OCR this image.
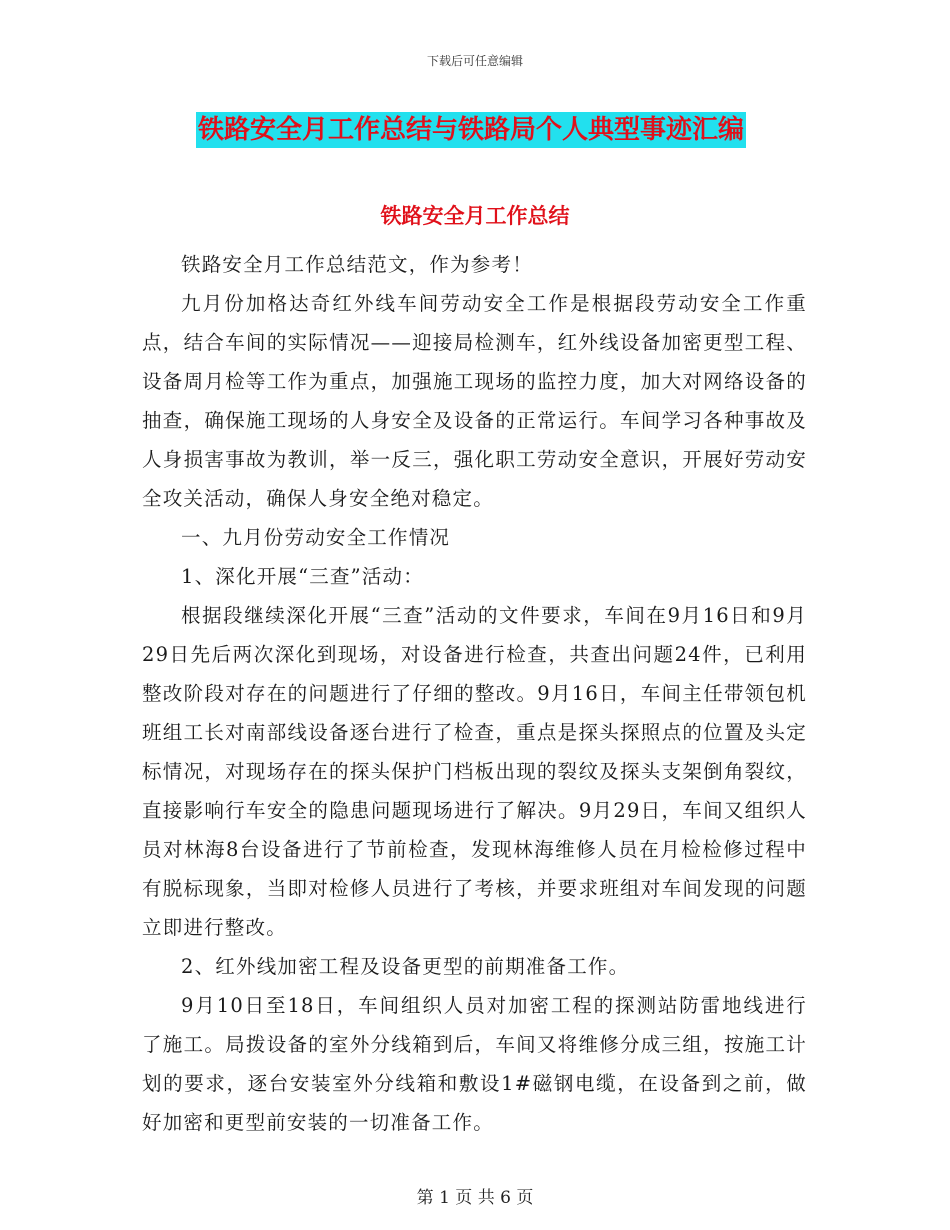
下载后可任意编辑
铁路安全月工作总结与铁路局个人典型事迹汇编
铁路安全月工作总结

铁路安全月工作总结范文，作为参考！

九月份加格达奇红外线车间劳动安全工作是根据段劳动安全工作重点，结合车间的实际情况——迎接局检测车，红外线设备加密更型工程、设备周月检等工作为重点，加强施工现场的监控力度，加大对网络设备的抽查，确保施工现场的人身安全及设备的正常运行。车间学习各种事故及人身损害事故为教训，举一反三，强化职工劳动安全意识，开展好劳动安全攻关活动，确保人身安全绝对稳定。

一、九月份劳动安全工作情况

1、深化开展“三查”活动：

根据段继续深化开展“三查”活动的文件要求，车间在9月16日和9月29日先后两次深化到现场，对设备进行检查，共查出问题24件，已利用整改阶段对存在的问题进行了仔细的整改。9月16日，车间主任带领包机班组工长对南部线设备逐台进行了检查，重点是探头探照点的位置及头定标情况，对现场存在的探头保护门档板出现的裂纹及探头支架倒角裂纹，直接影响行车安全的隐患问题现场进行了解决。9月29日，车间又组织人员对林海8台设备进行了节前检查，发现林海维修人员在月检检修过程中有脱标现象，当即对检修人员进行了考核，并要求班组对车间发现的问题立即进行整改。

2、红外线加密工程及设备更型的前期准备工作。

9月10日至18日，车间组织人员对加密工程的探测站防雷地线进行了施工。局拨设备的室外分线箱到后，车间又将维修分成三组，按施工计划的要求，逐台安装室外分线箱和敷设1#磁钢电缆，在设备到之前，做好加密和更型前安装的一切准备工作。

第 1 页 共 6 页
